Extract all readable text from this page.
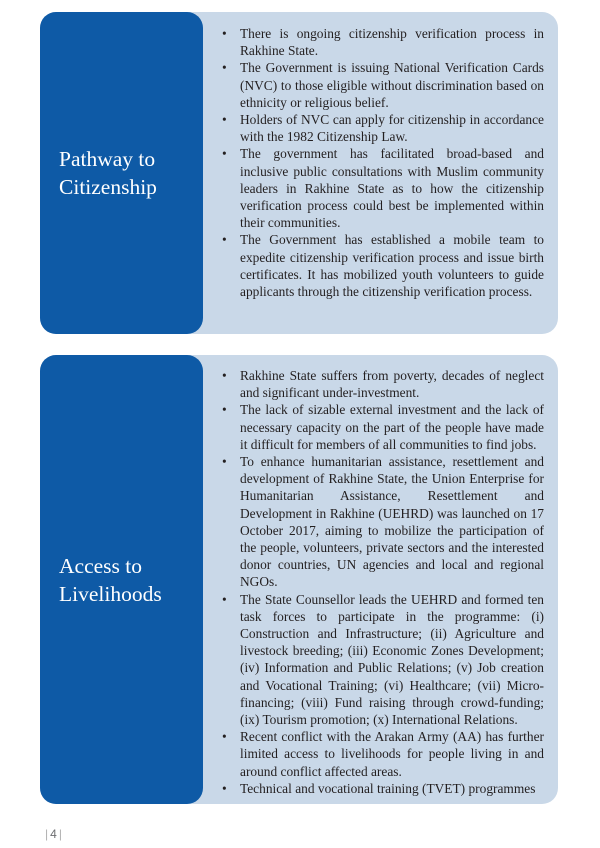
Pathway to
Citizenship
• There is ongoing citizenship verification process in Rakhine State.
• The Government is issuing National Verification Cards (NVC) to those eligible without discrimination based on ethnicity or religious belief.
• Holders of NVC can apply for citizenship in accordance with the 1982 Citizenship Law.
• The government has facilitated broad-based and inclusive public consultations with Muslim community leaders in Rakhine State as to how the citizenship verification process could best be implemented within their communities.
• The Government has established a mobile team to expedite citizenship verification process and issue birth certificates. It has mobilized youth volunteers to guide applicants through the citizenship verification process.
Access to
Livelihoods
• Rakhine State suffers from poverty, decades of neglect and significant under-investment.
• The lack of sizable external investment and the lack of necessary capacity on the part of the people have made it difficult for members of all communities to find jobs.
• To enhance humanitarian assistance, resettlement and development of Rakhine State, the Union Enterprise for Humanitarian Assistance, Resettlement and Development in Rakhine (UEHRD) was launched on 17 October 2017, aiming to mobilize the participation of the people, volunteers, private sectors and the interested donor countries, UN agencies and local and regional NGOs.
• The State Counsellor leads the UEHRD and formed ten task forces to participate in the programme: (i) Construction and Infrastructure; (ii) Agriculture and livestock breeding; (iii) Economic Zones Development; (iv) Information and Public Relations; (v) Job creation and Vocational Training; (vi) Healthcare; (vii) Micro-financing; (viii) Fund raising through crowd-funding; (ix) Tourism promotion; (x) International Relations.
• Recent conflict with the Arakan Army (AA) has further limited access to livelihoods for people living in and around conflict affected areas.
• Technical and vocational training (TVET) programmes
| 4 |
